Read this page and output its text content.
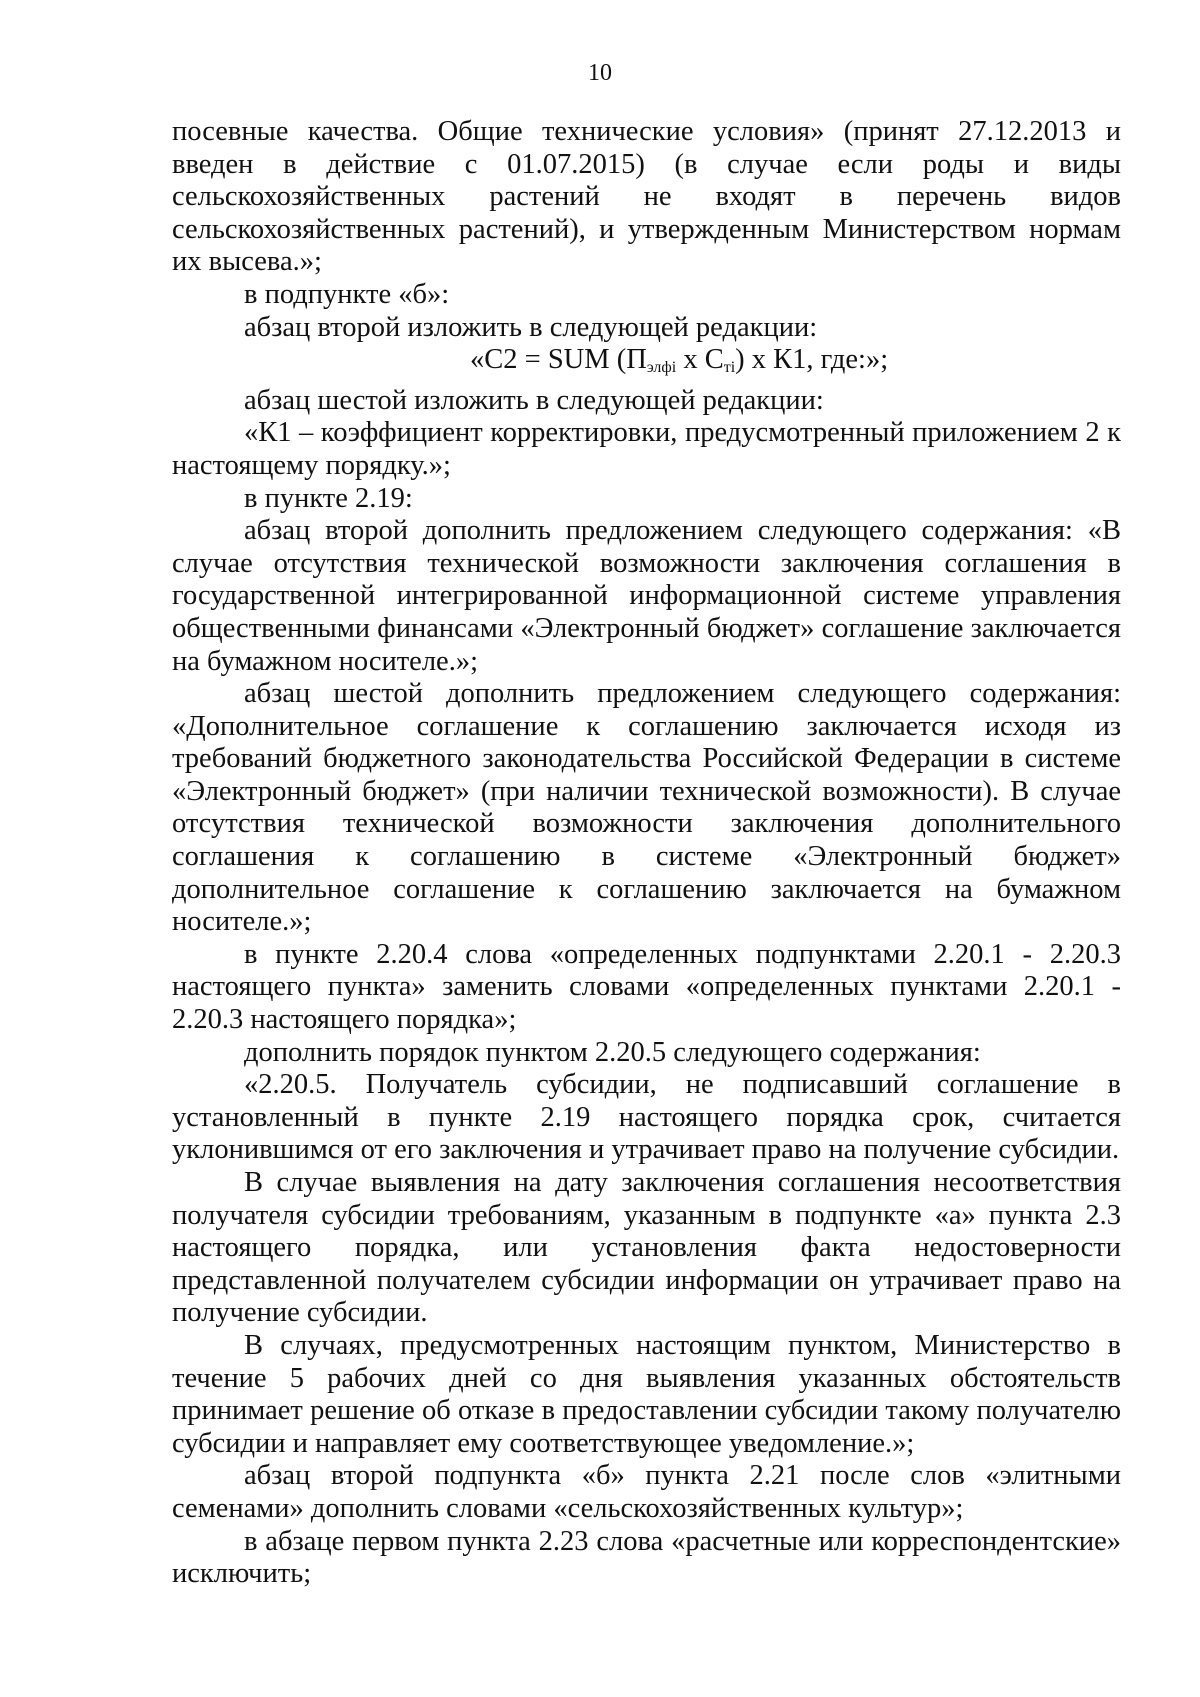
10

посевные качества. Общие технические условия» (принят 27.12.2013 и введен в действие с 01.07.2015) (в случае если роды и виды сельскохозяйственных растений не входят в перечень видов сельскохозяйственных растений), и утвержденным Министерством нормам их высева.»;

в подпункте «б»:

абзац второй изложить в следующей редакции:

«С2 = SUM ($П_{элфi}$ х $С_{тi}$) х К1, где:»;

абзац шестой изложить в следующей редакции:

«К1 – коэффициент корректировки, предусмотренный приложением 2 к настоящему порядку.»;

в пункте 2.19:

абзац второй дополнить предложением следующего содержания: «В случае отсутствия технической возможности заключения соглашения в государственной интегрированной информационной системе управления общественными финансами «Электронный бюджет» соглашение заключается на бумажном носителе.»;

абзац шестой дополнить предложением следующего содержания: «Дополнительное соглашение к соглашению заключается исходя из требований бюджетного законодательства Российской Федерации в системе «Электронный бюджет» (при наличии технической возможности). В случае отсутствия технической возможности заключения дополнительного соглашения к соглашению в системе «Электронный бюджет» дополнительное соглашение к соглашению заключается на бумажном носителе.»;

в пункте 2.20.4 слова «определенных подпунктами 2.20.1 - 2.20.3 настоящего пункта» заменить словами «определенных пунктами 2.20.1 - 2.20.3 настоящего порядка»;

дополнить порядок пунктом 2.20.5 следующего содержания:

«2.20.5. Получатель субсидии, не подписавший соглашение в установленный в пункте 2.19 настоящего порядка срок, считается уклонившимся от его заключения и утрачивает право на получение субсидии.

В случае выявления на дату заключения соглашения несоответствия получателя субсидии требованиям, указанным в подпункте «а» пункта 2.3 настоящего порядка, или установления факта недостоверности представленной получателем субсидии информации он утрачивает право на получение субсидии.

В случаях, предусмотренных настоящим пунктом, Министерство в течение 5 рабочих дней со дня выявления указанных обстоятельств принимает решение об отказе в предоставлении субсидии такому получателю субсидии и направляет ему соответствующее уведомление.»;

абзац второй подпункта «б» пункта 2.21 после слов «элитными семенами» дополнить словами «сельскохозяйственных культур»;

в абзаце первом пункта 2.23 слова «расчетные или корреспондентские» исключить;
